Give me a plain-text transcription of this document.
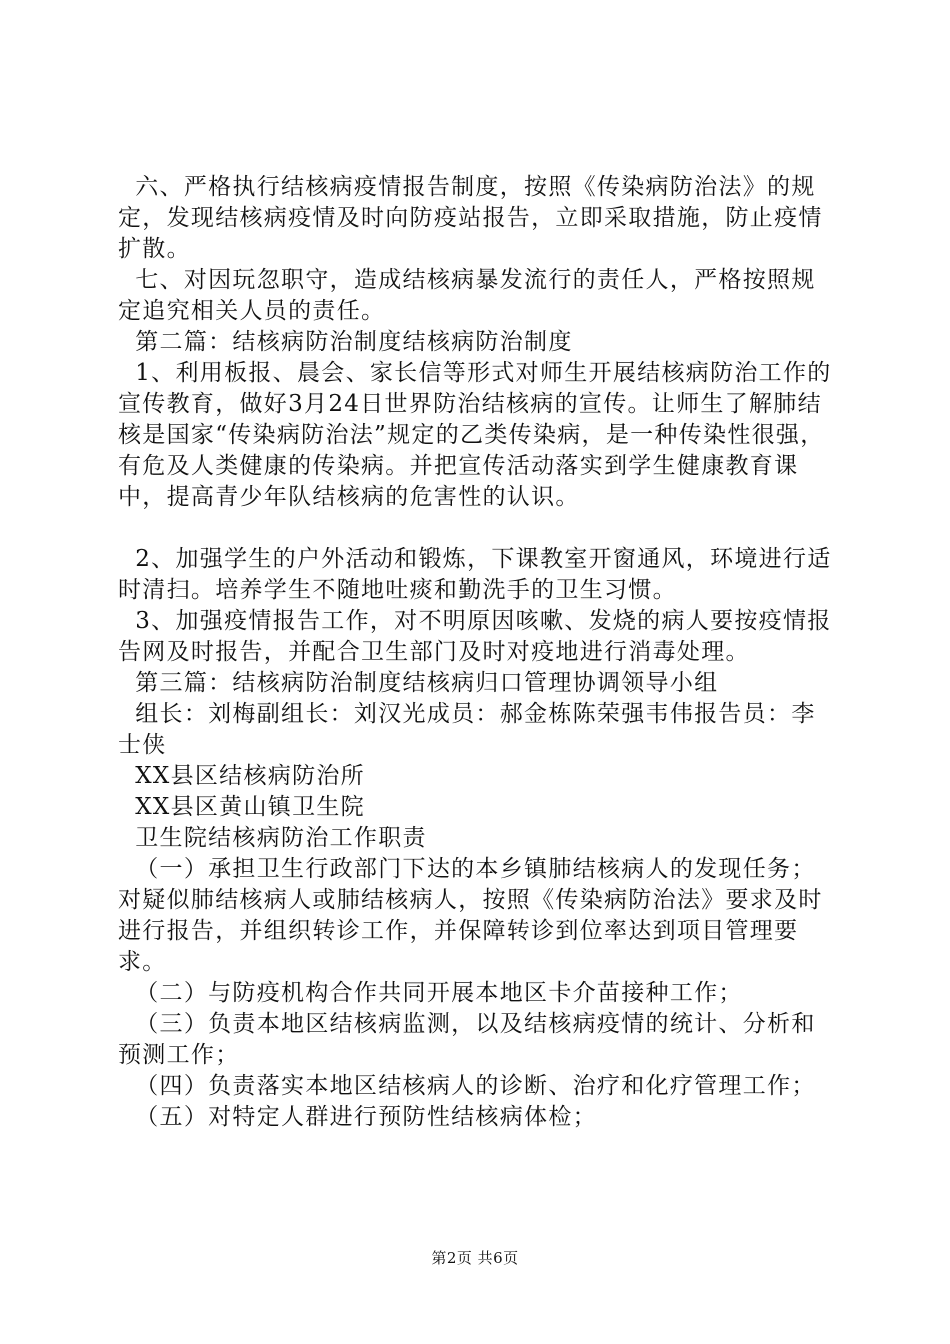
六、严格执行结核病疫情报告制度，按照《传染病防治法》的规定，发现结核病疫情及时向防疫站报告，立即采取措施，防止疫情扩散。

七、对因玩忽职守，造成结核病暴发流行的责任人，严格按照规定追究相关人员的责任。

第二篇：结核病防治制度结核病防治制度

1、利用板报、晨会、家长信等形式对师生开展结核病防治工作的宣传教育，做好3月24日世界防治结核病的宣传。让师生了解肺结核是国家“传染病防治法”规定的乙类传染病，是一种传染性很强，有危及人类健康的传染病。并把宣传活动落实到学生健康教育课中，提高青少年队结核病的危害性的认识。

2、加强学生的户外活动和锻炼，下课教室开窗通风，环境进行适时清扫。培养学生不随地吐痰和勤洗手的卫生习惯。

3、加强疫情报告工作，对不明原因咳嗽、发烧的病人要按疫情报告网及时报告，并配合卫生部门及时对疫地进行消毒处理。

第三篇：结核病防治制度结核病归口管理协调领导小组

组长：刘梅副组长：刘汉光成员：郝金栋陈荣强韦伟报告员：李士侠

XX县区结核病防治所

XX县区黄山镇卫生院

卫生院结核病防治工作职责

（一）承担卫生行政部门下达的本乡镇肺结核病人的发现任务；对疑似肺结核病人或肺结核病人，按照《传染病防治法》要求及时进行报告，并组织转诊工作，并保障转诊到位率达到项目管理要求。

（二）与防疫机构合作共同开展本地区卡介苗接种工作；

（三）负责本地区结核病监测，以及结核病疫情的统计、分析和预测工作；

（四）负责落实本地区结核病人的诊断、治疗和化疗管理工作；

（五）对特定人群进行预防性结核病体检；

第2页 共6页
